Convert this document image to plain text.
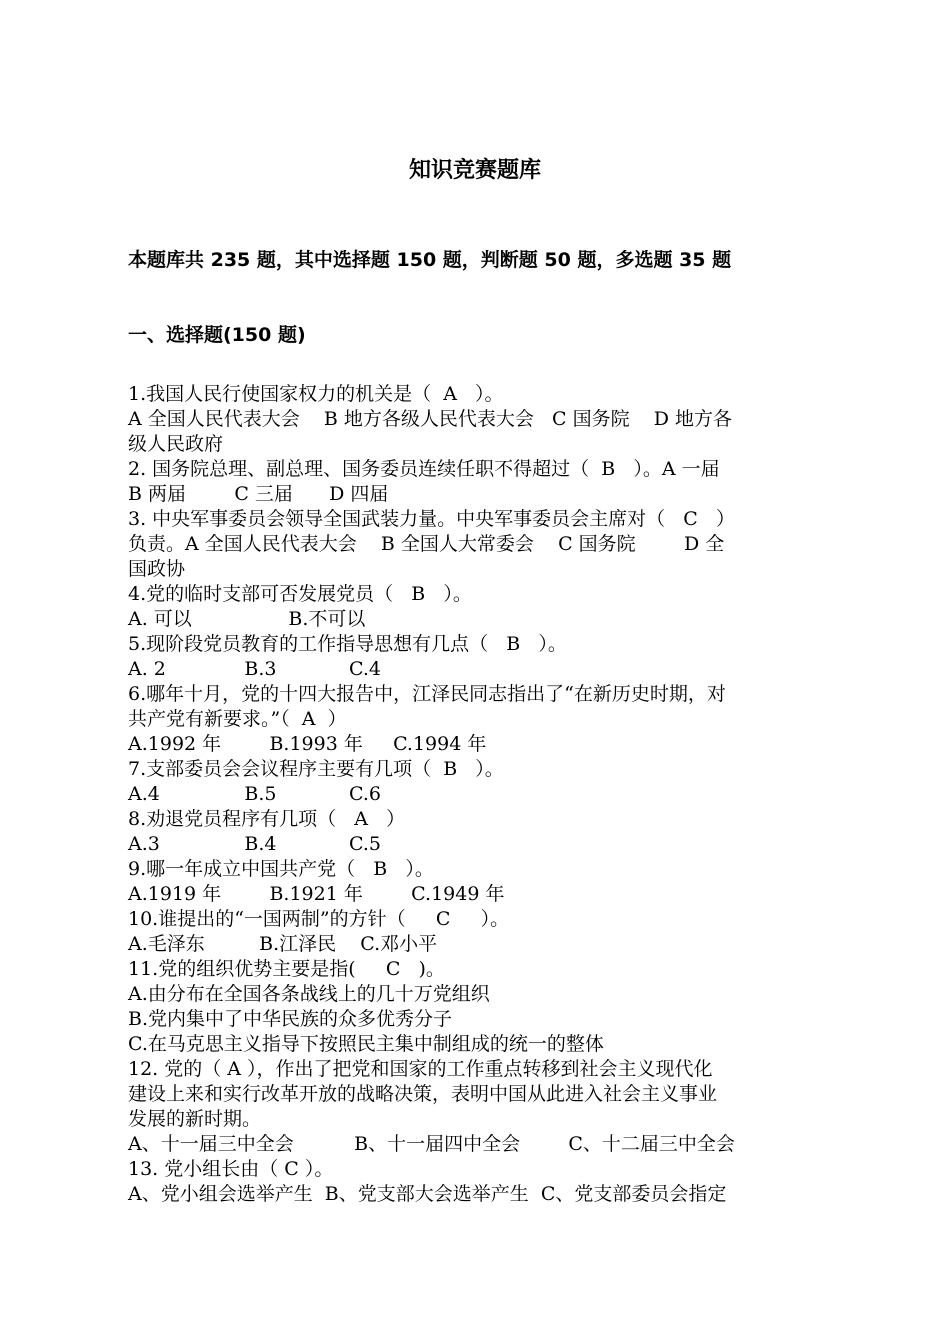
知识竞赛题库
本题库共 235 题，其中选择题 150 题，判断题 50 题，多选题 35 题
一、选择题(150 题)
1.我国人民行使国家权力的机关是（  A   ）。
A 全国人民代表大会    B 地方各级人民代表大会   C 国务院    D 地方各
级人民政府
2. 国务院总理、副总理、国务委员连续任职不得超过（  B   ）。A 一届
B 两届        C 三届      D 四届
3. 中央军事委员会领导全国武装力量。中央军事委员会主席对（   C   ）
负责。A 全国人民代表大会    B 全国人大常委会    C 国务院        D 全
国政协
4.党的临时支部可否发展党员（   B   ）。
A. 可以                B.不可以
5.现阶段党员教育的工作指导思想有几点（   B   ）。
A. 2             B.3            C.4
6.哪年十月，党的十四大报告中，江泽民同志指出了“在新历史时期，对
共产党有新要求。”（  A  ）
A.1992 年        B.1993 年     C.1994 年
7.支部委员会会议程序主要有几项（  B   ）。
A.4              B.5            C.6
8.劝退党员程序有几项（   A   ）
A.3              B.4            C.5
9.哪一年成立中国共产党（   B   ）。
A.1919 年        B.1921 年        C.1949 年
10.谁提出的“一国两制”的方针（     C     ）。
A.毛泽东         B.江泽民    C.邓小平
11.党的组织优势主要是指(     C   )。
A.由分布在全国各条战线上的几十万党组织
B.党内集中了中华民族的众多优秀分子
C.在马克思主义指导下按照民主集中制组成的统一的整体
12. 党的（ A ），作出了把党和国家的工作重点转移到社会主义现代化
建设上来和实行改革开放的战略决策，表明中国从此进入社会主义事业
发展的新时期。
A、十一届三中全会          B、十一届四中全会        C、十二届三中全会
13. 党小组长由（ C ）。
A、党小组会选举产生  B、党支部大会选举产生  C、党支部委员会指定
